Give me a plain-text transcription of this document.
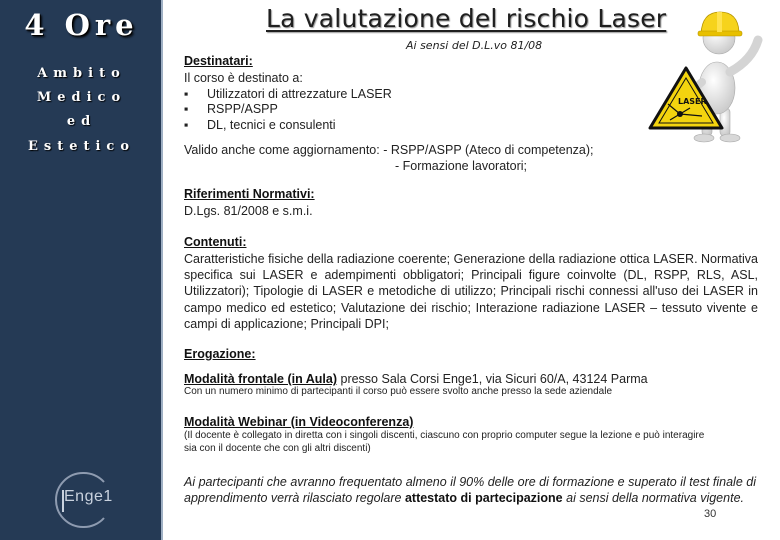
4 Ore
Ambito
Medico
ed
Estetico
Enge1
La valutazione del rischio Laser
Ai sensi del D.L.vo 81/08
LASER
Destinatari:
Il corso è destinato a:
▪ Utilizzatori di attrezzature LASER
▪ RSPP/ASPP
▪ DL, tecnici e consulenti
Valido anche come aggiornamento: - RSPP/ASPP (Ateco di competenza);
- Formazione lavoratori;
Riferimenti Normativi:
D.Lgs. 81/2008 e s.m.i.
Contenuti:
Caratteristiche fisiche della radiazione coerente; Generazione della radiazione ottica LASER. Normativa specifica sui LASER e adempimenti obbligatori; Principali figure coinvolte (DL, RSPP, RLS, ASL, Utilizzatori); Tipologie di LASER e metodiche di utilizzo; Principali rischi connessi all'uso dei LASER in campo medico ed estetico; Valutazione dei rischio; Interazione radiazione LASER – tessuto vivente e campi di applicazione; Principali DPI;
Erogazione:
Modalità frontale (in Aula) presso Sala Corsi Enge1, via Sicuri 60/A, 43124 Parma
Con un numero minimo di partecipanti il corso può essere svolto anche presso la sede aziendale
Modalità Webinar (in Videoconferenza)
(Il docente è collegato in diretta con i singoli discenti, ciascuno con proprio computer segue la lezione e può interagire
sia con il docente che con gli altri discenti)
Ai partecipanti che avranno frequentato almeno il 90% delle ore di formazione e superato il test finale di apprendimento verrà rilasciato regolare attestato di partecipazione ai sensi della normativa vigente.
30
